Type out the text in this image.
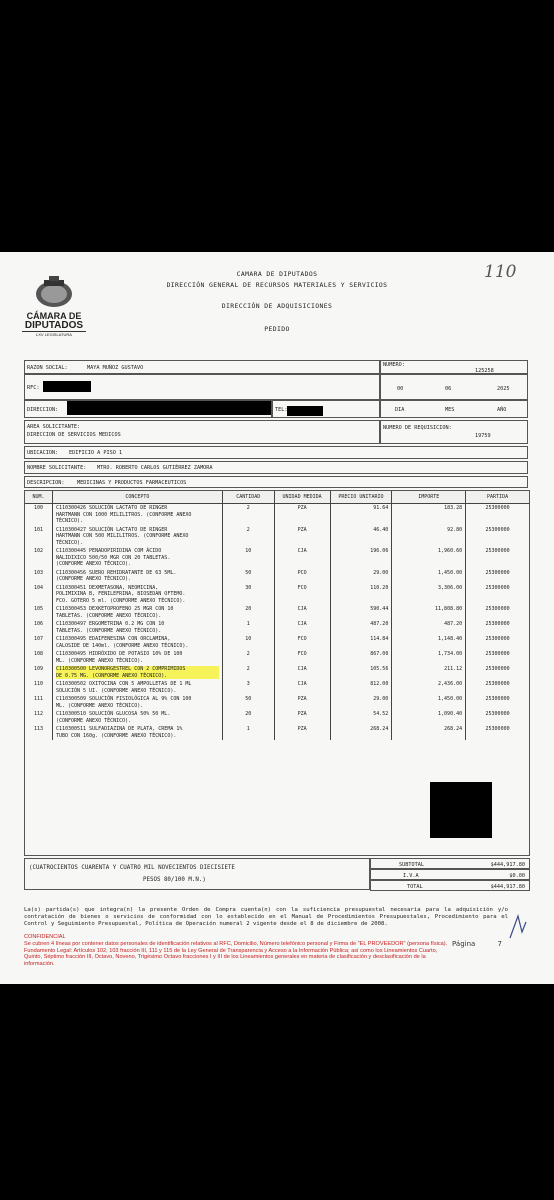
CAMARA DE DIPUTADOS
DIRECCIÓN GENERAL DE RECURSOS MATERIALES Y SERVICIOS
DIRECCIÓN DE ADQUISICIONES
PEDIDO
110
CÁMARA DE
DIPUTADOS
LXV LEGISLATURA
RAZON SOCIAL:	MAYA MUÑOZ GUSTAVO	NUMERO:
125258
RFC:	00	06	2025
DIRECCION:	TEL:	DIA	MES	AÑO
AREA SOLICITANTE:
DIRECCION DE SERVICIOS MEDICOS
NUMERO DE REQUISICION:
19759
UBICACION: EDIFICIO A PISO 1
NOMBRE SOLICITANTE: MTRO. ROBERTO CARLOS GUTIÉRREZ ZAMORA
DESCRIPCION: MEDICINAS Y PRODUCTOS FARMACEUTICOS
NUM.	CONCEPTO	CANTIDAD	UNIDAD MEDIDA	PRECIO UNITARIO	IMPORTE	PARTIDA
100	C110300426 SOLUCIÓN LACTATO DE RINGER
HARTMANN CON 1000 MILILITROS. (CONFORME ANEXO
TÉCNICO).	2	PZA	91.64	183.28	25300000
101	C110300427 SOLUCIÓN LACTATO DE RINGER
HARTMANN CON 500 MILILITROS. (CONFORME ANEXO
TÉCNICO).	2	PZA	46.40	92.80	25300000
102	C110300445 PENADOPIRIDINA COM ÁCIDO
NALIDIXICO 500/50 MGR CON 20 TABLETAS.
(CONFORME ANEXO TÉCNICO).	10	CJA	196.06	1,960.60	25300000
103	C110300456 SUERO REHIDRATANTE DE 63 5ML.
(CONFORME ANEXO TÉCNICO).	50	PCO	29.00	1,450.00	25300000
104	C110300451 DEXMETASONA, NEOMICINA,
POLIMIXINA B, FENILEFRINA, BIOSEDAN OFTEMO.
FCO. GOTERO 5 ml. (CONFORME ANEXO TÉCNICO).	30	FCO	110.20	3,306.00	25300000
105	C110300453 DEXKETOPROFENO 25 MGR CON 10
TABLETAS. (CONFORME ANEXO TÉCNICO).	20	CJA	590.44	11,808.80	25300000
106	C110300497 ERGOMETRINA 0.2 MG CON 10
TABLETAS. (CONFORME ANEXO TÉCNICO).	1	CJA	487.20	487.20	25300000
107	C110300495 EDAIFENESINA CON ORCLAMINA,
CALOSIDE DE 140ml. (CONFORME ANEXO TÉCNICO).	10	FCO	114.84	1,148.40	25300000
108	C110300495 HIDRÓXIDO DE POTASIO 10% DE 100
ML. (CONFORME ANEXO TÉCNICO).	2	FCO	867.00	1,734.00	25300000
109	C110300500 LEVONORGESTREL CON 2 COMPRIMIDOS
DE 0.75 MG. (CONFORME ANEXO TÉCNICO).	2	CJA	105.56	211.12	25300000
110	C110300502 OXITOCINA CON 5 AMPOLLETAS DE 1 ML
SOLUCIÓN 5 UI. (CONFORME ANEXO TÉCNICO).	3	CJA	812.00	2,436.00	25300000
111	C110300509 SOLUCIÓN FISIOLÓGICA AL 9% CON 100
ML. (CONFORME ANEXO TÉCNICO).	50	PZA	29.00	1,450.00	25300000
112	C110300510 SOLUCIÓN GLUCOSA 50% 50 ML.
(CONFORME ANEXO TÉCNICO).	20	PZA	54.52	1,090.40	25300000
113	C110300511 SULFADIAZINA DE PLATA, CREMA 1%
TUBO CON 160g. (CONFORME ANEXO TÉCNICO).	1	PZA	268.24	268.24	25300000
(CUATROCIENTOS CUARENTA Y CUATRO MIL NOVECIENTOS DIECISIETE
PESOS 80/100 M.N.)
SUBTOTAL	$444,917.80
I.V.A	$0.00
TOTAL	$444,917.80
La(s) partida(s) que integra(n) la presente Orden de Compra cuenta(n) con la suficiencia presupuestal necesaria para la adquisición y/o contratación de bienes o servicios de conformidad con lo establecido en el Manual de Procedimientos Presupuestales, Procedimiento para el Control y Seguimiento Presupuestal, Política de Operación numeral 2 vigente desde el 8 de diciembre de 2008.
CONFIDENCIAL
Se cubren 4 líneas por contener datos personales de identificación relativos al RFC, Domicilio, Número telefónico personal y Firma de "EL PROVEEDOR" (persona física). Fundamento Legal: Artículos 102, 103 fracción III, 111 y 115 de la Ley General de Transparencia y Acceso a la Información Pública; así como los Lineamientos Cuarto, Quinto, Séptimo fracción III, Octavo, Noveno, Trigésimo Octavo fracciones I y III de los Lineamientos generales en materia de clasificación y desclasificación de la información.
Página	7
